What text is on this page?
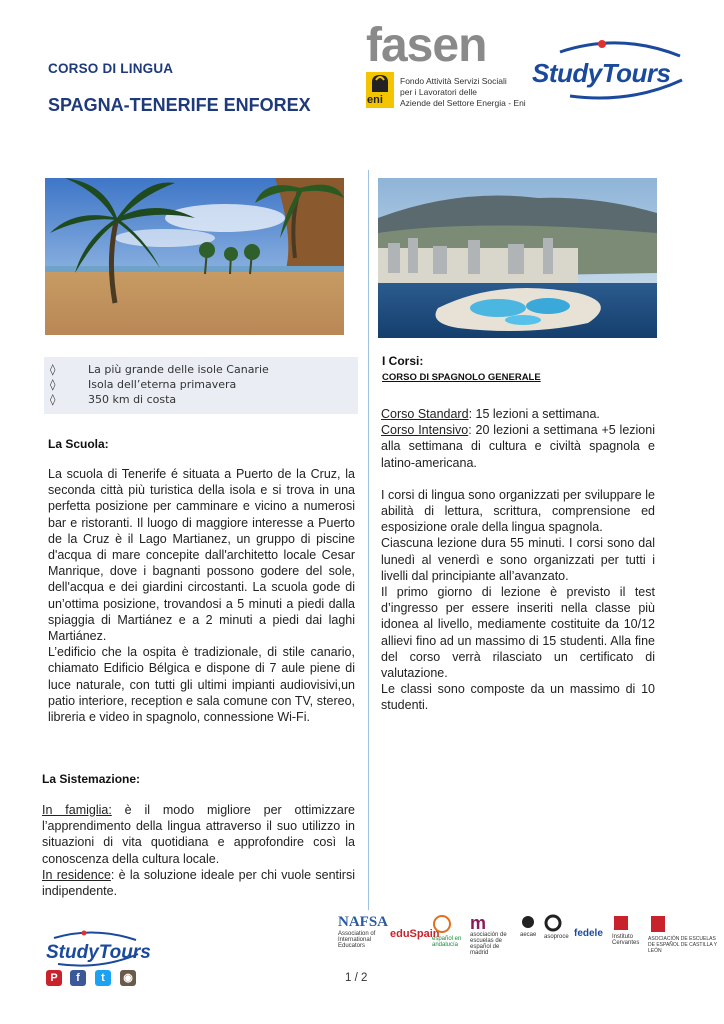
CORSO DI LINGUA
SPAGNA-TENERIFE ENFOREX
fasen
eni
Fondo Attività Servizi Sociali
per i Lavoratori delle
Aziende del Settore Energia - Eni
StudyTours
◊	La più grande delle isole Canarie
◊	Isola dell’eterna primavera
◊	350 km di costa
La Scuola:

La scuola di Tenerife é situata a Puerto de la Cruz, la seconda città più turistica della isola e si trova in una perfetta posizione per camminare e vicino a numerosi bar e ristoranti. Il luogo di maggiore interesse a Puerto de la Cruz è il Lago Martianez, un gruppo di piscine d'acqua di mare concepite dall'architetto locale Cesar Manrique, dove i bagnanti possono godere del sole, dell'acqua e dei giardini circostanti. La scuola gode di un’ottima posizione, trovandosi a 5 minuti a piedi dalla spiaggia di Martiánez e a 2 minuti a piedi dai laghi Martiánez.

L’edificio che la ospita è tradizionale, di stile canario, chiamato Edificio Bélgica e dispone di 7 aule piene di luce naturale, con tutti gli ultimi impianti audiovisivi,un patio interiore, reception e sala comune con TV, stereo, libreria e video in spagnolo, connessione Wi-Fi.

La Sistemazione:

In famiglia: è il modo migliore per ottimizzare l’apprendimento della lingua attraverso il suo utilizzo in situazioni di vita quotidiana e approfondire così la conoscenza della cultura locale.

In residence: è la soluzione ideale per chi vuole sentirsi indipendente.

I Corsi:
CORSO DI SPAGNOLO GENERALE

Corso Standard: 15 lezioni a settimana.

Corso Intensivo: 20 lezioni a settimana +5 lezioni alla settimana di cultura e civiltà spagnola e latino-americana.

I corsi di lingua sono organizzati per sviluppare le abilità di lettura, scrittura, comprensione ed esposizione orale della lingua spagnola.

Ciascuna lezione dura 55 minuti. I corsi sono dal lunedì al venerdì e sono organizzati per tutti i livelli dal principiante all’avanzato.

Il primo giorno di lezione è previsto il test d’ingresso per essere inseriti nella classe più idonea al livello, mediamente costituite da 10/12 allievi fino ad un massimo di 15 studenti. Alla fine del corso verrà rilasciato un certificato di valutazione.

Le classi sono composte da un massimo di 10 studenti.

StudyTours
P	f	t	◉	1 / 2
NAFSA
Association of International Educators
eduSpain
español en andalucía
m
asociación de escuelas de español de madrid
aecae	asoproce fedele	Instituto Cervantes
ASOCIACIÓN DE ESCUELAS DE ESPAÑOL DE CASTILLA Y LEÓN
